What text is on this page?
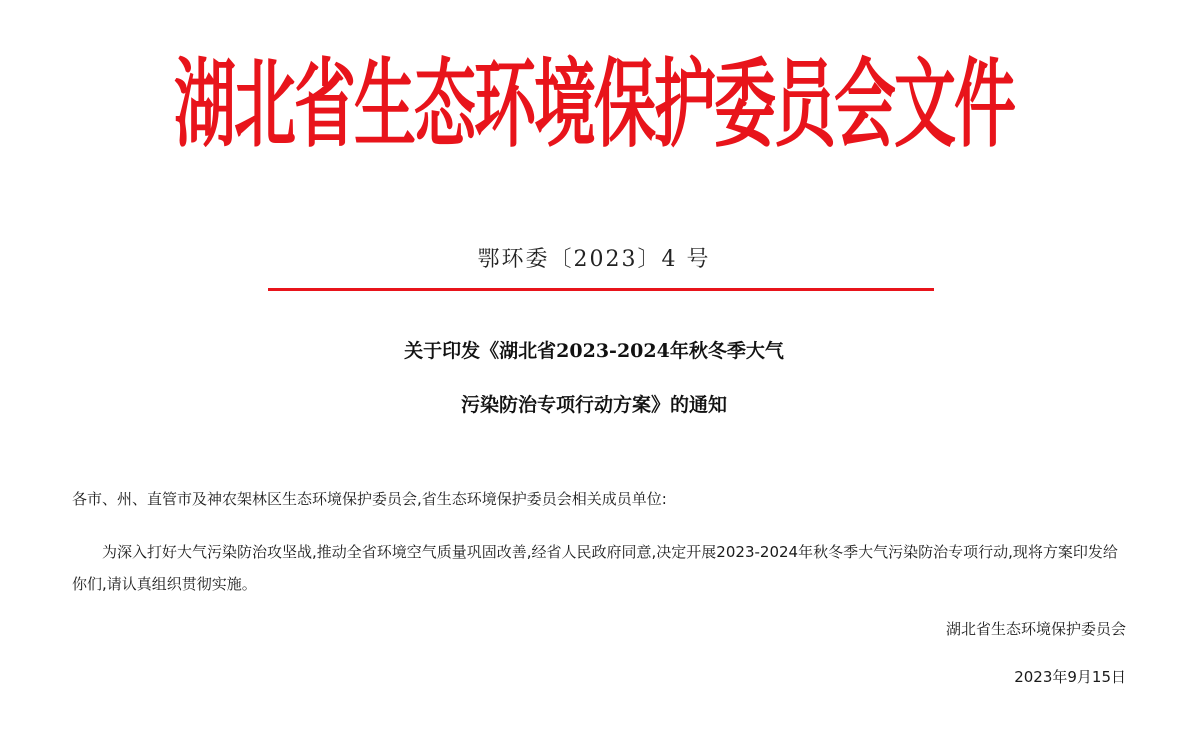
湖北省生态环境保护委员会文件
鄂环委〔2023〕4 号
关于印发《湖北省2023-2024年秋冬季大气
污染防治专项行动方案》的通知
各市、州、直管市及神农架林区生态环境保护委员会,省生态环境保护委员会相关成员单位:
为深入打好大气污染防治攻坚战,推动全省环境空气质量巩固改善,经省人民政府同意,决定开展2023-2024年秋冬季大气污染防治专项行动,现将方案印发给你们,请认真组织贯彻实施。
湖北省生态环境保护委员会
2023年9月15日
